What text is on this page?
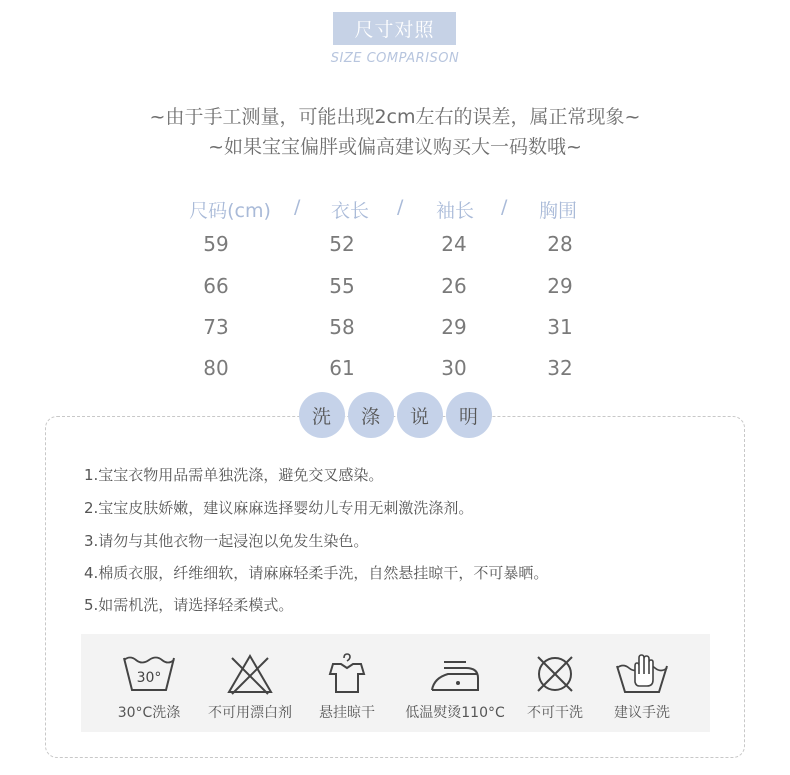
尺寸对照
SIZE COMPARISON
~由于手工测量，可能出现2cm左右的误差，属正常现象~
~如果宝宝偏胖或偏高建议购买大一码数哦~
尺码(cm)	/	衣长	/	袖长	/	胸围
59	52	24	28
66	55	26	29
73	58	29	31
80	61	30	32
洗	涤	说	明
1.宝宝衣物用品需单独洗涤，避免交叉感染。
2.宝宝皮肤娇嫩，建议麻麻选择婴幼儿专用无刺激洗涤剂。
3.请勿与其他衣物一起浸泡以免发生染色。
4.棉质衣服，纤维细软，请麻麻轻柔手洗，自然悬挂晾干，不可暴晒。
5.如需机洗，请选择轻柔模式。
30°
30°C洗涤 不可用漂白剂 悬挂晾干 低温熨烫110°C 不可干洗 建议手洗
